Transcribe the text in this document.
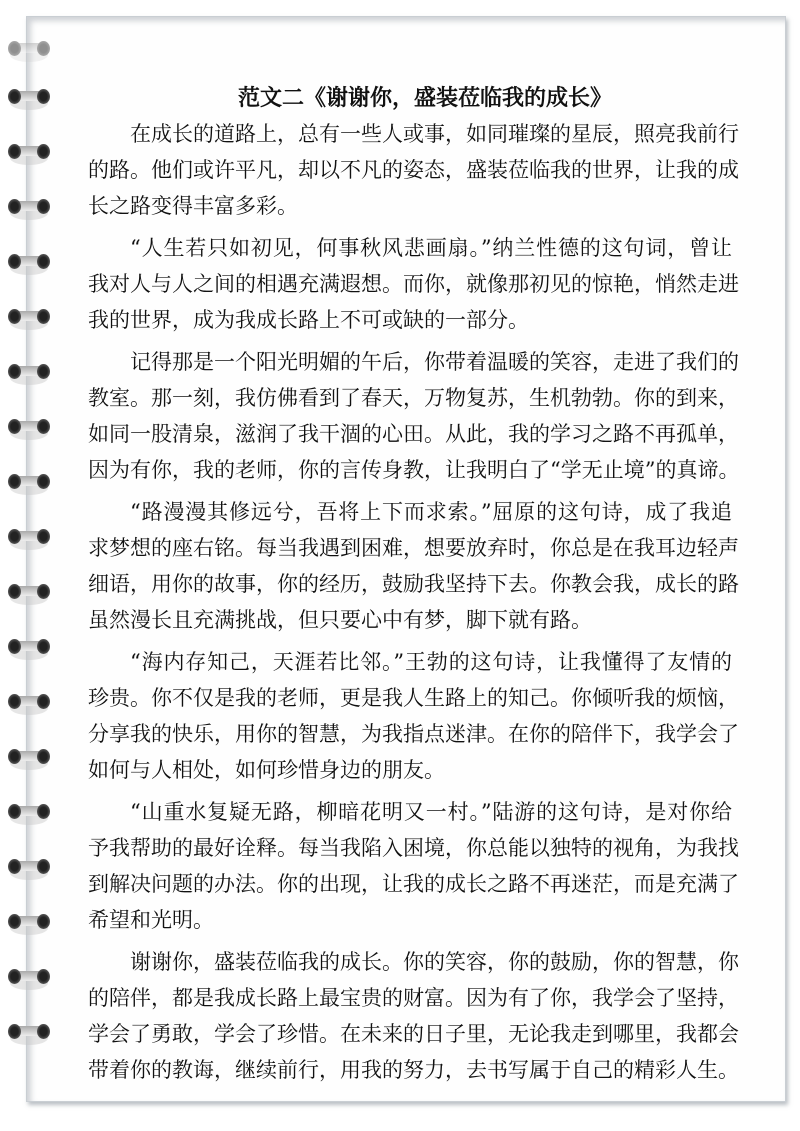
范文二《谢谢你，盛装莅临我的成长》
在成长的道路上，总有一些人或事，如同璀璨的星辰，照亮我前行
的路。他们或许平凡，却以不凡的姿态，盛装莅临我的世界，让我的成
长之路变得丰富多彩。
“人生若只如初见，何事秋风悲画扇。”纳兰性德的这句词，曾让
我对人与人之间的相遇充满遐想。而你，就像那初见的惊艳，悄然走进
我的世界，成为我成长路上不可或缺的一部分。
记得那是一个阳光明媚的午后，你带着温暖的笑容，走进了我们的
教室。那一刻，我仿佛看到了春天，万物复苏，生机勃勃。你的到来，
如同一股清泉，滋润了我干涸的心田。从此，我的学习之路不再孤单，
因为有你，我的老师，你的言传身教，让我明白了“学无止境”的真谛。
“路漫漫其修远兮，吾将上下而求索。”屈原的这句诗，成了我追
求梦想的座右铭。每当我遇到困难，想要放弃时，你总是在我耳边轻声
细语，用你的故事，你的经历，鼓励我坚持下去。你教会我，成长的路
虽然漫长且充满挑战，但只要心中有梦，脚下就有路。
“海内存知己，天涯若比邻。”王勃的这句诗，让我懂得了友情的
珍贵。你不仅是我的老师，更是我人生路上的知己。你倾听我的烦恼，
分享我的快乐，用你的智慧，为我指点迷津。在你的陪伴下，我学会了
如何与人相处，如何珍惜身边的朋友。
“山重水复疑无路，柳暗花明又一村。”陆游的这句诗，是对你给
予我帮助的最好诠释。每当我陷入困境，你总能以独特的视角，为我找
到解决问题的办法。你的出现，让我的成长之路不再迷茫，而是充满了
希望和光明。
谢谢你，盛装莅临我的成长。你的笑容，你的鼓励，你的智慧，你
的陪伴，都是我成长路上最宝贵的财富。因为有了你，我学会了坚持，
学会了勇敢，学会了珍惜。在未来的日子里，无论我走到哪里，我都会
带着你的教诲，继续前行，用我的努力，去书写属于自己的精彩人生。
